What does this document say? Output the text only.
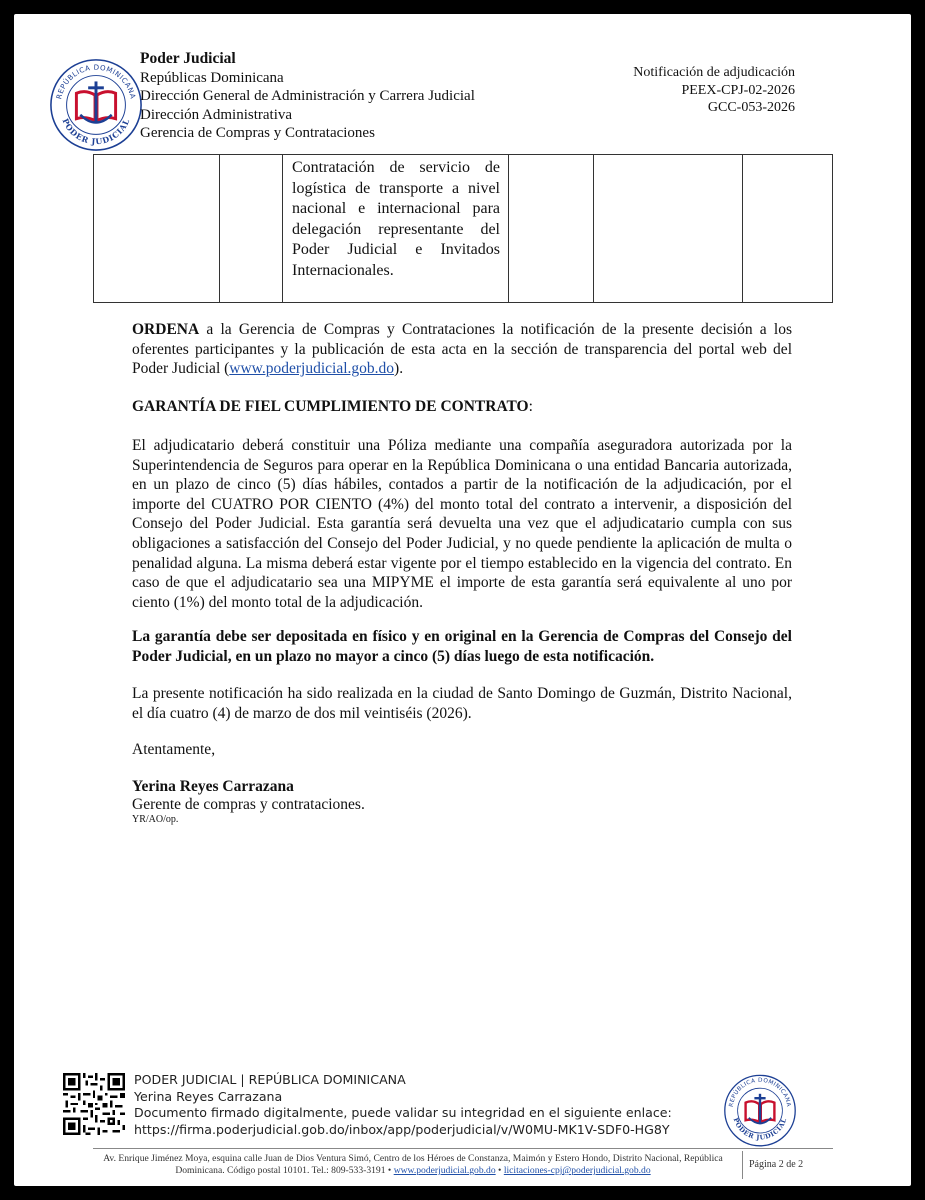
REPÚBLICA DOMINICANA
PODER JUDICIAL
Poder Judicial
Repúblicas Dominicana
Dirección General de Administración y Carrera Judicial
Dirección Administrativa
Gerencia de Compras y Contrataciones
Notificación de adjudicación
PEEX-CPJ-02-2026
GCC-053-2026
		Contratación de servicio de logística de transporte a nivel nacional e internacional para delegación representante del Poder Judicial e Invitados Internacionales.			
ORDENA a la Gerencia de Compras y Contrataciones la notificación de la presente decisión a los oferentes participantes y la publicación de esta acta en la sección de transparencia del portal web del Poder Judicial (www.poderjudicial.gob.do).
GARANTÍA DE FIEL CUMPLIMIENTO DE CONTRATO:
El adjudicatario deberá constituir una Póliza mediante una compañía aseguradora autorizada por la Superintendencia de Seguros para operar en la República Dominicana o una entidad Bancaria autorizada, en un plazo de cinco (5) días hábiles, contados a partir de la notificación de la adjudicación, por el importe del CUATRO POR CIENTO (4%) del monto total del contrato a intervenir, a disposición del Consejo del Poder Judicial. Esta garantía será devuelta una vez que el adjudicatario cumpla con sus obligaciones a satisfacción del Consejo del Poder Judicial, y no quede pendiente la aplicación de multa o penalidad alguna. La misma deberá estar vigente por el tiempo establecido en la vigencia del contrato. En caso de que el adjudicatario sea una MIPYME el importe de esta garantía será equivalente al uno por ciento (1%) del monto total de la adjudicación.
La garantía debe ser depositada en físico y en original en la Gerencia de Compras del Consejo del Poder Judicial, en un plazo no mayor a cinco (5) días luego de esta notificación.
La presente notificación ha sido realizada en la ciudad de Santo Domingo de Guzmán, Distrito Nacional, el día cuatro (4) de marzo de dos mil veintiséis (2026).
Atentamente,
Yerina Reyes Carrazana
Gerente de compras y contrataciones.
YR/AO/op.
PODER JUDICIAL | REPÚBLICA DOMINICANA
Yerina Reyes Carrazana
Documento firmado digitalmente, puede validar su integridad en el siguiente enlace:
https://firma.poderjudicial.gob.do/inbox/app/poderjudicial/v/W0MU-MK1V-SDF0-HG8Y
REPÚBLICA DOMINICANA
PODER JUDICIAL
Av. Enrique Jiménez Moya, esquina calle Juan de Dios Ventura Simó, Centro de los Héroes de Constanza, Maimón y Estero Hondo, Distrito Nacional, República Dominicana. Código postal 10101. Tel.: 809-533-3191 • www.poderjudicial.gob.do • licitaciones-cpj@poderjudicial.gob.do
Página 2 de 2
